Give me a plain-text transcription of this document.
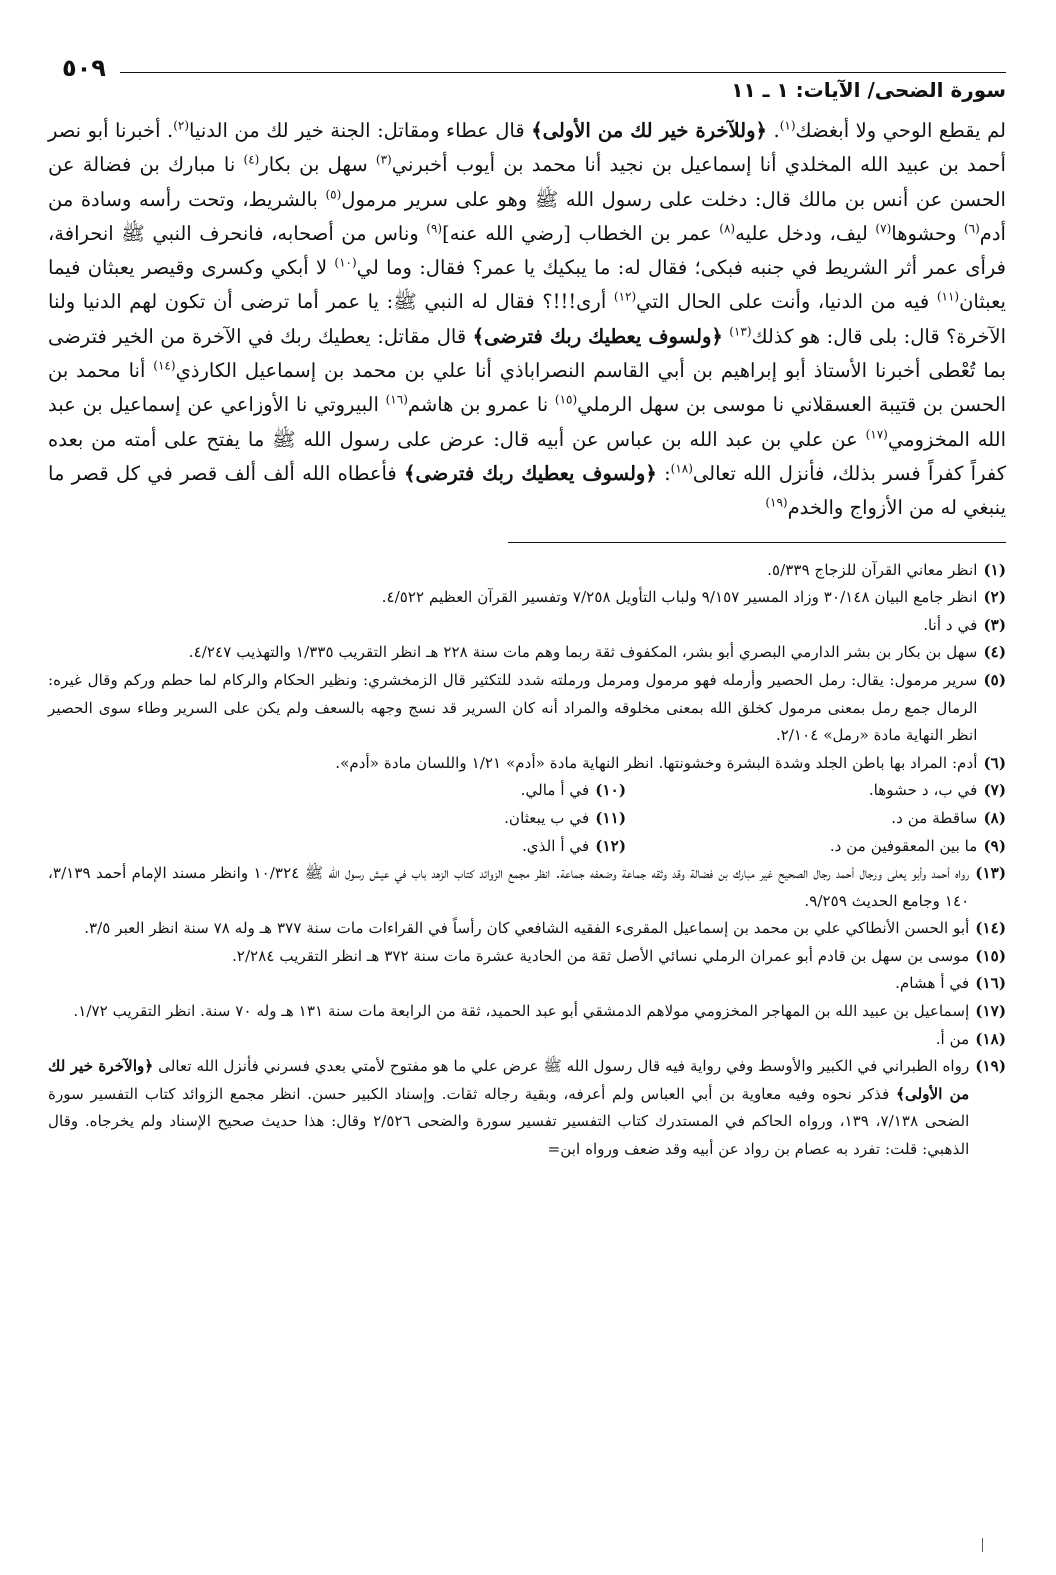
٥٠٩
سورة الضحى/ الآيات: ١ ـ ١١

لم يقطع الوحي ولا أبغضك$^{(١)}$. ﴿وللآخرة خير لك من الأولى﴾ قال عطاء ومقاتل: الجنة خير لك من الدنيا$^{(٢)}$. أخبرنا أبو نصر أحمد بن عبيد الله المخلدي أنا إسماعيل بن نجيد أنا محمد بن أيوب أخبرني$^{(٣)}$ سهل بن بكار$^{(٤)}$ نا مبارك بن فضالة عن الحسن عن أنس بن مالك قال: دخلت على رسول الله ﷺ وهو على سرير مرمول$^{(٥)}$ بالشريط، وتحت رأسه وسادة من أدم$^{(٦)}$ وحشوها$^{(٧)}$ ليف، ودخل عليه$^{(٨)}$ عمر بن الخطاب [رضي الله عنه]$^{(٩)}$ وناس من أصحابه، فانحرف النبي ﷺ انحرافة، فرأى عمر أثر الشريط في جنبه فبكى؛ فقال له: ما يبكيك يا عمر؟ فقال: وما لي$^{(١٠)}$ لا أبكي وكسرى وقيصر يعبثان فيما يعبثان$^{(١١)}$ فيه من الدنيا، وأنت على الحال التي$^{(١٢)}$ أرى!!!؟ فقال له النبي ﷺ: يا عمر أما ترضى أن تكون لهم الدنيا ولنا الآخرة؟ قال: بلى قال: هو كذلك$^{(١٣)}$ ﴿ولسوف يعطيك ربك فترضى﴾ قال مقاتل: يعطيك ربك في الآخرة من الخير فترضى بما تُعْطى أخبرنا الأستاذ أبو إبراهيم بن أبي القاسم النصراباذي أنا علي بن محمد بن إسماعيل الكارذي$^{(١٤)}$ أنا محمد بن الحسن بن قتيبة العسقلاني نا موسى بن سهل الرملي$^{(١٥)}$ نا عمرو بن هاشم$^{(١٦)}$ البيروتي نا الأوزاعي عن إسماعيل بن عبد الله المخزومي$^{(١٧)}$ عن علي بن عبد الله بن عباس عن أبيه قال: عرض على رسول الله ﷺ ما يفتح على أمته من بعده كفراً كفراً فسر بذلك، فأنزل الله تعالى$^{(١٨)}$: ﴿ولسوف يعطيك ربك فترضى﴾ فأعطاه الله ألف ألف قصر في كل قصر ما ينبغي له من الأزواج والخدم$^{(١٩)}$

(١)
انظر معاني القرآن للزجاج ٥/٣٣٩.
(٢)
انظر جامع البيان ٣٠/١٤٨ وزاد المسير ٩/١٥٧ ولباب التأويل ٧/٢٥٨ وتفسير القرآن العظيم ٤/٥٢٢.
(٣)
في د أنا.
(٤)
سهل بن بكار بن بشر الدارمي البصري أبو بشر، المكفوف ثقة ربما وهم مات سنة ٢٢٨ هـ انظر التقريب ١/٣٣٥ والتهذيب ٤/٢٤٧.
(٥)
سرير مرمول: يقال: رمل الحصير وأرمله فهو مرمول ومرمل ورملته شدد للتكثير قال الزمخشري: ونظير الحكام والركام لما حطم وركم وقال غيره: الرمال جمع رمل بمعنى مرمول كخلق الله بمعنى مخلوقه والمراد أنه كان السرير قد نسج وجهه بالسعف ولم يكن على السرير وطاء سوى الحصير انظر النهاية مادة «رمل» ٢/١٠٤.
(٦)
أدم: المراد بها باطن الجلد وشدة البشرة وخشونتها. انظر النهاية مادة «أدم» ١/٢١ واللسان مادة «أدم».
(٧)
في ب، د حشوها.
(١٠)
في أ مالي.
(٨)
ساقطة من د.
(١١)
في ب يبعثان.
(٩)
ما بين المعقوفين من د.
(١٢)
في أ الذي.
(١٣)
رواه أحمد وأبو يعلى ورجال أحمد رجال الصحيح غير مبارك بن فضالة وقد وثقه جماعة وضعفه جماعة. انظر مجمع الزوائد كتاب الزهد باب في عيش رسول الله ﷺ ١٠/٣٢٤ وانظر مسند الإمام أحمد ٣/١٣٩، ١٤٠ وجامع الحديث ٩/٢٥٩.
(١٤)
أبو الحسن الأنطاكي علي بن محمد بن إسماعيل المقرىء الفقيه الشافعي كان رأساً في القراءات مات سنة ٣٧٧ هـ وله ٧٨ سنة انظر العبر ٣/٥.
(١٥)
موسى بن سهل بن قادم أبو عمران الرملي نسائي الأصل ثقة من الحادية عشرة مات سنة ٣٧٢ هـ انظر التقريب ٢/٢٨٤.
(١٦)
في أ هشام.
(١٧)
إسماعيل بن عبيد الله بن المهاجر المخزومي مولاهم الدمشقي أبو عبد الحميد، ثقة من الرابعة مات سنة ١٣١ هـ وله ٧٠ سنة. انظر التقريب ١/٧٢.
(١٨)
من أ.
(١٩)
رواه الطبراني في الكبير والأوسط وفي رواية فيه قال رسول الله ﷺ عرض علي ما هو مفتوح لأمتي بعدي فسرني فأنزل الله تعالى ﴿والآخرة خير لك من الأولى﴾ فذكر نحوه وفيه معاوية بن أبي العباس ولم أعرفه، وبقية رجاله ثقات. وإسناد الكبير حسن. انظر مجمع الزوائد كتاب التفسير سورة الضحى ٧/١٣٨، ١٣٩، ورواه الحاكم في المستدرك كتاب التفسير تفسير سورة والضحى ٢/٥٢٦ وقال: هذا حديث صحيح الإسناد ولم يخرجاه. وقال الذهبي: قلت: تفرد به عصام بن رواد عن أبيه وقد ضعف ورواه ابن=
